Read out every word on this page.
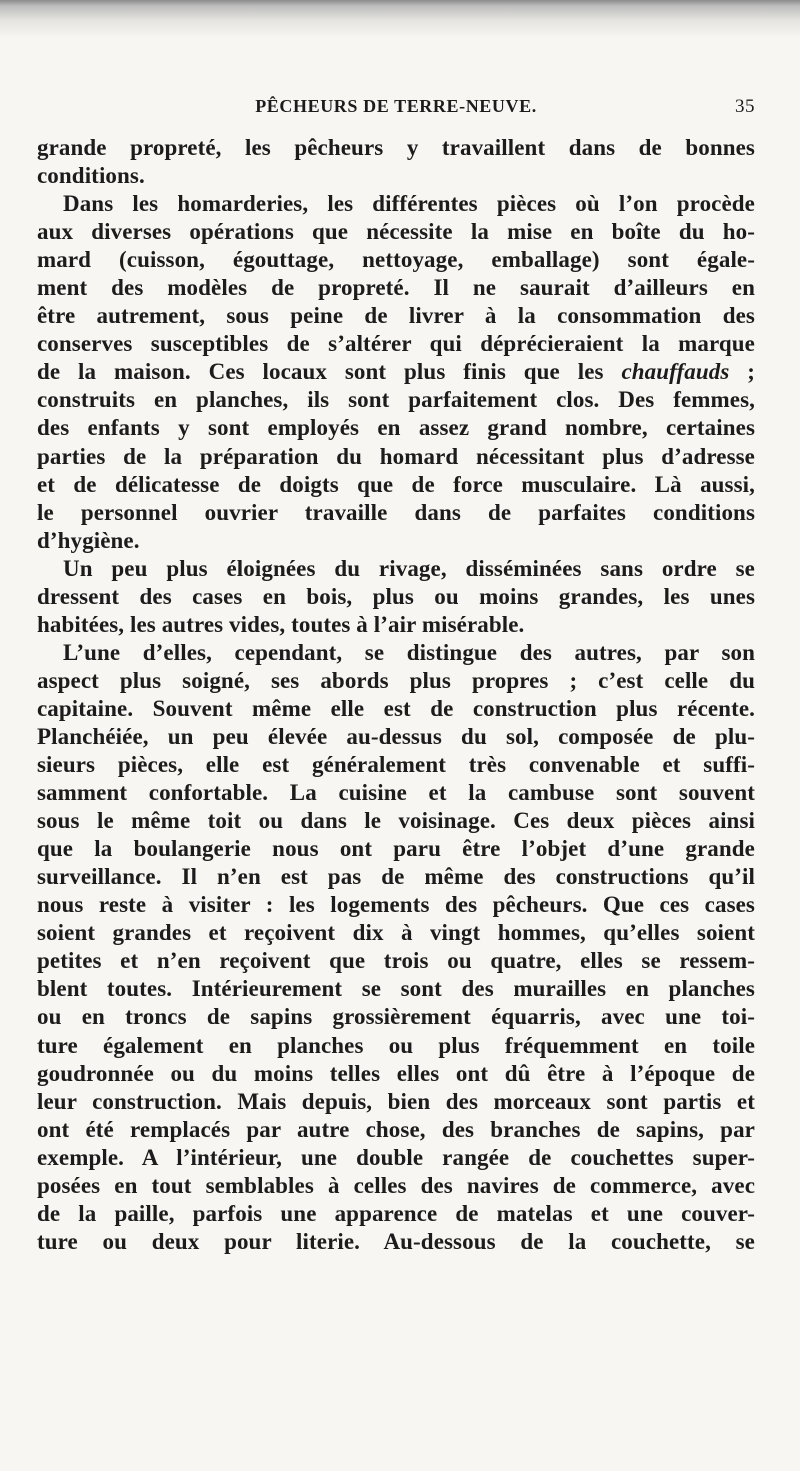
PÊCHEURS DE TERRE-NEUVE.	35
grande propreté, les pêcheurs y travaillent dans de bonnes
conditions.
Dans les homarderies, les différentes pièces où l’on procède
aux diverses opérations que nécessite la mise en boîte du ho-
mard (cuisson, égouttage, nettoyage, emballage) sont égale-
ment des modèles de propreté. Il ne saurait d’ailleurs en
être autrement, sous peine de livrer à la consommation des
conserves susceptibles de s’altérer qui déprécieraient la marque
de la maison. Ces locaux sont plus finis que les chauffauds ;
construits en planches, ils sont parfaitement clos. Des femmes,
des enfants y sont employés en assez grand nombre, certaines
parties de la préparation du homard nécessitant plus d’adresse
et de délicatesse de doigts que de force musculaire. Là aussi,
le personnel ouvrier travaille dans de parfaites conditions
d’hygiène.
Un peu plus éloignées du rivage, disséminées sans ordre se
dressent des cases en bois, plus ou moins grandes, les unes
habitées, les autres vides, toutes à l’air misérable.
L’une d’elles, cependant, se distingue des autres, par son
aspect plus soigné, ses abords plus propres ; c’est celle du
capitaine. Souvent même elle est de construction plus récente.
Planchéiée, un peu élevée au-dessus du sol, composée de plu-
sieurs pièces, elle est généralement très convenable et suffi-
samment confortable. La cuisine et la cambuse sont souvent
sous le même toit ou dans le voisinage. Ces deux pièces ainsi
que la boulangerie nous ont paru être l’objet d’une grande
surveillance. Il n’en est pas de même des constructions qu’il
nous reste à visiter : les logements des pêcheurs. Que ces cases
soient grandes et reçoivent dix à vingt hommes, qu’elles soient
petites et n’en reçoivent que trois ou quatre, elles se ressem-
blent toutes. Intérieurement se sont des murailles en planches
ou en troncs de sapins grossièrement équarris, avec une toi-
ture également en planches ou plus fréquemment en toile
goudronnée ou du moins telles elles ont dû être à l’époque de
leur construction. Mais depuis, bien des morceaux sont partis et
ont été remplacés par autre chose, des branches de sapins, par
exemple. A l’intérieur, une double rangée de couchettes super-
posées en tout semblables à celles des navires de commerce, avec
de la paille, parfois une apparence de matelas et une couver-
ture ou deux pour literie. Au-dessous de la couchette, se
